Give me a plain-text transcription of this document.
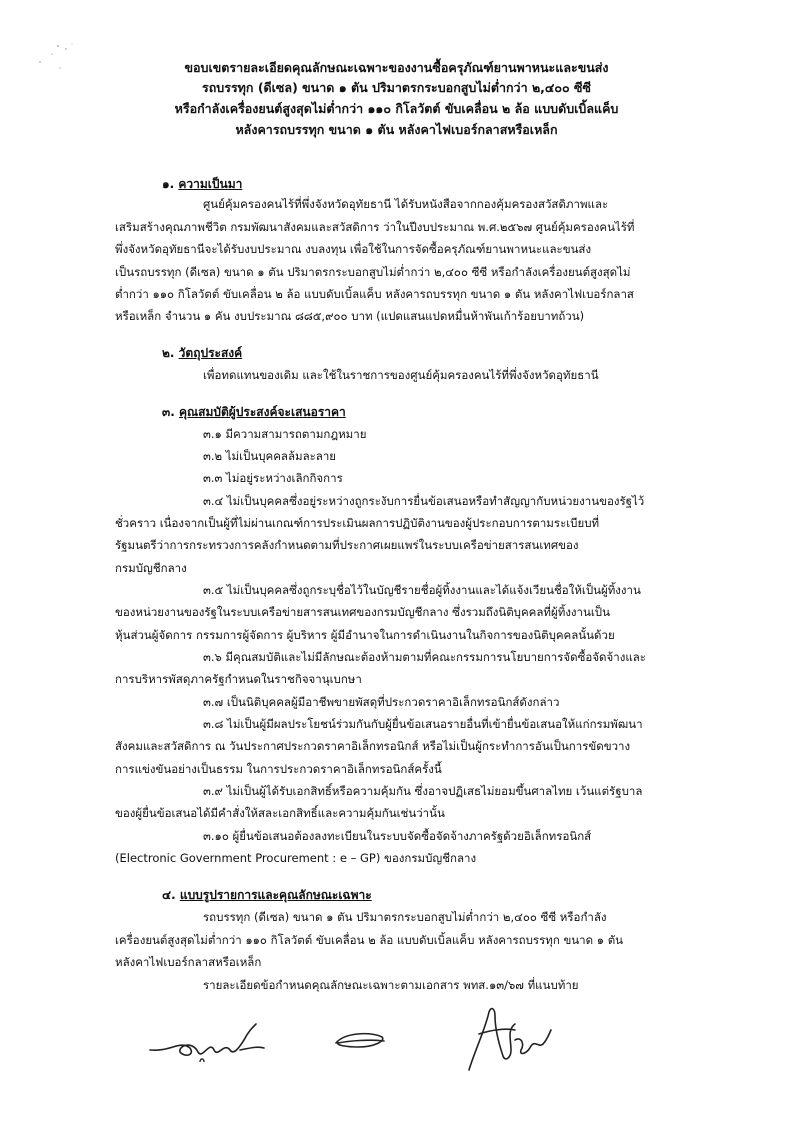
ขอบเขตรายละเอียดคุณลักษณะเฉพาะของงานซื้อครุภัณฑ์ยานพาหนะและขนส่ง
รถบรรทุก (ดีเซล) ขนาด ๑ ตัน ปริมาตรกระบอกสูบไม่ต่ำกว่า ๒,๔๐๐ ซีซี
หรือกำลังเครื่องยนต์สูงสุดไม่ต่ำกว่า ๑๑๐ กิโลวัตต์ ขับเคลื่อน ๒ ล้อ แบบดับเบิ้ลแค็บ
หลังคารถบรรทุก ขนาด ๑ ตัน หลังคาไฟเบอร์กลาสหรือเหล็ก
๑. ความเป็นมา
ศูนย์คุ้มครองคนไร้ที่พึ่งจังหวัดอุทัยธานี ได้รับหนังสือจากกองคุ้มครองสวัสดิภาพและ
เสริมสร้างคุณภาพชีวิต กรมพัฒนาสังคมและสวัสดิการ ว่าในปีงบประมาณ พ.ศ.๒๕๖๗ ศูนย์คุ้มครองคนไร้ที่
พึ่งจังหวัดอุทัยธานีจะได้รับงบประมาณ งบลงทุน เพื่อใช้ในการจัดซื้อครุภัณฑ์ยานพาหนะและขนส่ง
เป็นรถบรรทุก (ดีเซล) ขนาด ๑ ตัน ปริมาตรกระบอกสูบไม่ต่ำกว่า ๒,๔๐๐ ซีซี หรือกำลังเครื่องยนต์สูงสุดไม่
ต่ำกว่า ๑๑๐ กิโลวัตต์ ขับเคลื่อน ๒ ล้อ แบบดับเบิ้ลแค็บ หลังคารถบรรทุก ขนาด ๑ ตัน หลังคาไฟเบอร์กลาส
หรือเหล็ก จำนวน ๑ คัน งบประมาณ ๘๘๕,๙๐๐ บาท (แปดแสนแปดหมื่นห้าพันเก้าร้อยบาทถ้วน)
๒. วัตถุประสงค์
เพื่อทดแทนของเดิม และใช้ในราชการของศูนย์คุ้มครองคนไร้ที่พึ่งจังหวัดอุทัยธานี
๓. คุณสมบัติผู้ประสงค์จะเสนอราคา
๓.๑ มีความสามารถตามกฎหมาย
๓.๒ ไม่เป็นบุคคลล้มละลาย
๓.๓ ไม่อยู่ระหว่างเลิกกิจการ
๓.๔ ไม่เป็นบุคคลซึ่งอยู่ระหว่างถูกระงับการยื่นข้อเสนอหรือทำสัญญากับหน่วยงานของรัฐไว้
ชั่วคราว เนื่องจากเป็นผู้ที่ไม่ผ่านเกณฑ์การประเมินผลการปฏิบัติงานของผู้ประกอบการตามระเบียบที่
รัฐมนตรีว่าการกระทรวงการคลังกำหนดตามที่ประกาศเผยแพร่ในระบบเครือข่ายสารสนเทศของ
กรมบัญชีกลาง
๓.๕ ไม่เป็นบุคคลซึ่งถูกระบุชื่อไว้ในบัญชีรายชื่อผู้ทิ้งงานและได้แจ้งเวียนชื่อให้เป็นผู้ทิ้งงาน
ของหน่วยงานของรัฐในระบบเครือข่ายสารสนเทศของกรมบัญชีกลาง ซึ่งรวมถึงนิติบุคคลที่ผู้ทิ้งงานเป็น
หุ้นส่วนผู้จัดการ กรรมการผู้จัดการ ผู้บริหาร ผู้มีอำนาจในการดำเนินงานในกิจการของนิติบุคคลนั้นด้วย
๓.๖ มีคุณสมบัติและไม่มีลักษณะต้องห้ามตามที่คณะกรรมการนโยบายการจัดซื้อจัดจ้างและ
การบริหารพัสดุภาครัฐกำหนดในราชกิจจานุเบกษา
๓.๗ เป็นนิติบุคคลผู้มีอาชีพขายพัสดุที่ประกวดราคาอิเล็กทรอนิกส์ดังกล่าว
๓.๘ ไม่เป็นผู้มีผลประโยชน์ร่วมกันกับผู้ยื่นข้อเสนอรายอื่นที่เข้ายื่นข้อเสนอให้แก่กรมพัฒนา
สังคมและสวัสดิการ ณ วันประกาศประกวดราคาอิเล็กทรอนิกส์ หรือไม่เป็นผู้กระทำการอันเป็นการขัดขวาง
การแข่งขันอย่างเป็นธรรม ในการประกวดราคาอิเล็กทรอนิกส์ครั้งนี้
๓.๙ ไม่เป็นผู้ได้รับเอกสิทธิ์หรือความคุ้มกัน ซึ่งอาจปฏิเสธไม่ยอมขึ้นศาลไทย เว้นแต่รัฐบาล
ของผู้ยื่นข้อเสนอได้มีคำสั่งให้สละเอกสิทธิ์และความคุ้มกันเช่นว่านั้น
๓.๑๐ ผู้ยื่นข้อเสนอต้องลงทะเบียนในระบบจัดซื้อจัดจ้างภาครัฐด้วยอิเล็กทรอนิกส์
(Electronic Government Procurement : e – GP) ของกรมบัญชีกลาง
๔. แบบรูปรายการและคุณลักษณะเฉพาะ
รถบรรทุก (ดีเซล) ขนาด ๑ ตัน ปริมาตรกระบอกสูบไม่ต่ำกว่า ๒,๔๐๐ ซีซี หรือกำลัง
เครื่องยนต์สูงสุดไม่ต่ำกว่า ๑๑๐ กิโลวัตต์ ขับเคลื่อน ๒ ล้อ แบบดับเบิ้ลแค็บ หลังคารถบรรทุก ขนาด ๑ ตัน
หลังคาไฟเบอร์กลาสหรือเหล็ก
รายละเอียดข้อกำหนดคุณลักษณะเฉพาะตามเอกสาร พทส.๑๓/๖๗ ที่แนบท้าย
